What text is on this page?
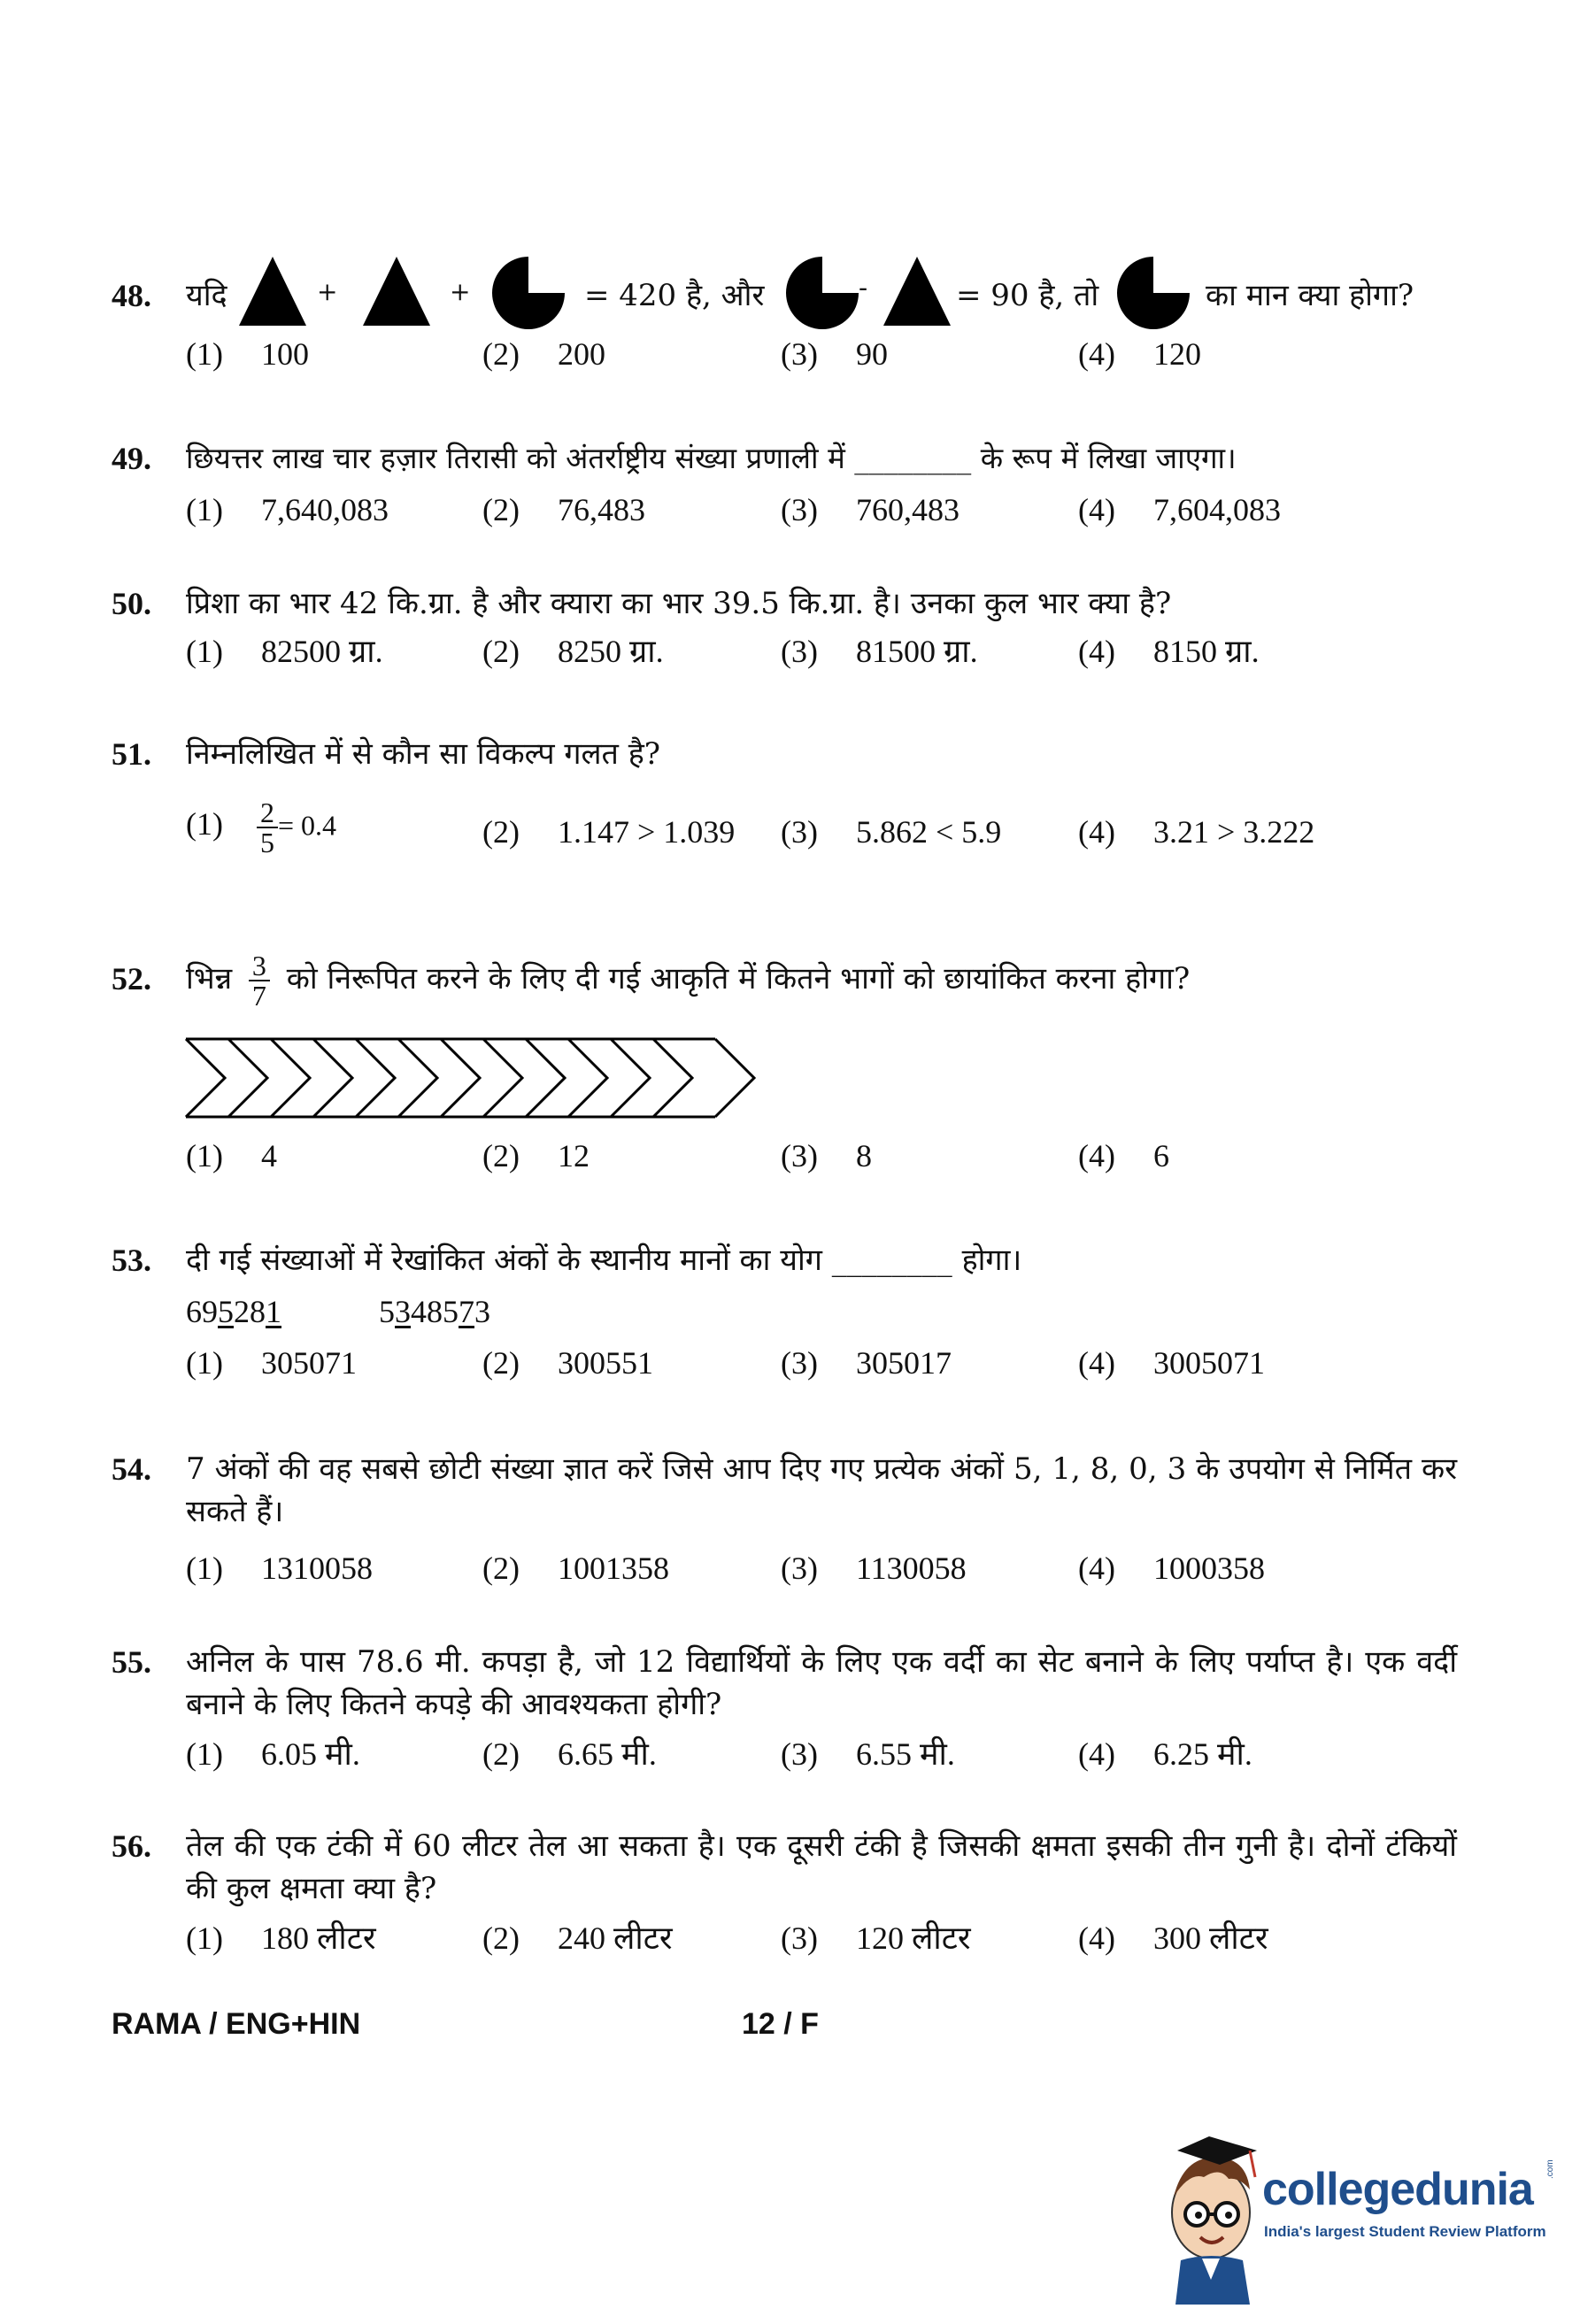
48. यदि	+	+	= 420 है, और	-	= 90 है, तो	का मान क्या होगा?
(1) 100	(2) 200	(3) 90	(4) 120
49. छियत्तर लाख चार हज़ार तिरासी को अंतर्राष्ट्रीय संख्या प्रणाली में ________ के रूप में लिखा जाएगा।
(1) 7,640,083	(2) 76,483	(3) 760,483	(4) 7,604,083
50. प्रिशा का भार 42 कि.ग्रा. है और क्यारा का भार 39.5 कि.ग्रा. है। उनका कुल भार क्या है?
(1) 82500 ग्रा.	(2) 8250 ग्रा.	(3) 81500 ग्रा.	(4) 8150 ग्रा.
51. निम्नलिखित में से कौन सा विकल्प गलत है?
$(1) \frac{2}{5} = 0.4$	(2) 1.147 > 1.039 (3) 5.862 < 5.9 (4) 3.21 > 3.222
52. भिन्न $\frac{3}{7}$ को निरूपित करने के लिए दी गई आकृति में कितने भागों को छायांकित करना होगा?
(1) 4	(2) 12	(3) 8	(4) 6
53. दी गई संख्याओं में रेखांकित अंकों के स्थानीय मानों का योग ________ होगा।
695281	5348573
(1) 305071	(2) 300551	(3) 305017	(4) 3005071
54. 7 अंकों की वह सबसे छोटी संख्या ज्ञात करें जिसे आप दिए गए प्रत्येक अंकों 5, 1, 8, 0, 3 के उपयोग से निर्मित कर सकते हैं।
(1) 1310058	(2) 1001358	(3) 1130058	(4) 1000358
55. अनिल के पास 78.6 मी. कपड़ा है, जो 12 विद्यार्थियों के लिए एक वर्दी का सेट बनाने के लिए पर्याप्त है। एक वर्दी बनाने के लिए कितने कपड़े की आवश्यकता होगी?
(1) 6.05 मी.	(2) 6.65 मी.	(3) 6.55 मी.	(4) 6.25 मी.
56. तेल की एक टंकी में 60 लीटर तेल आ सकता है। एक दूसरी टंकी है जिसकी क्षमता इसकी तीन गुनी है। दोनों टंकियों की कुल क्षमता क्या है?
(1) 180 लीटर	(2) 240 लीटर	(3) 120 लीटर	(4) 300 लीटर
RAMA / ENG+HIN	12 / F
collegedunia .com
India's largest Student Review Platform
